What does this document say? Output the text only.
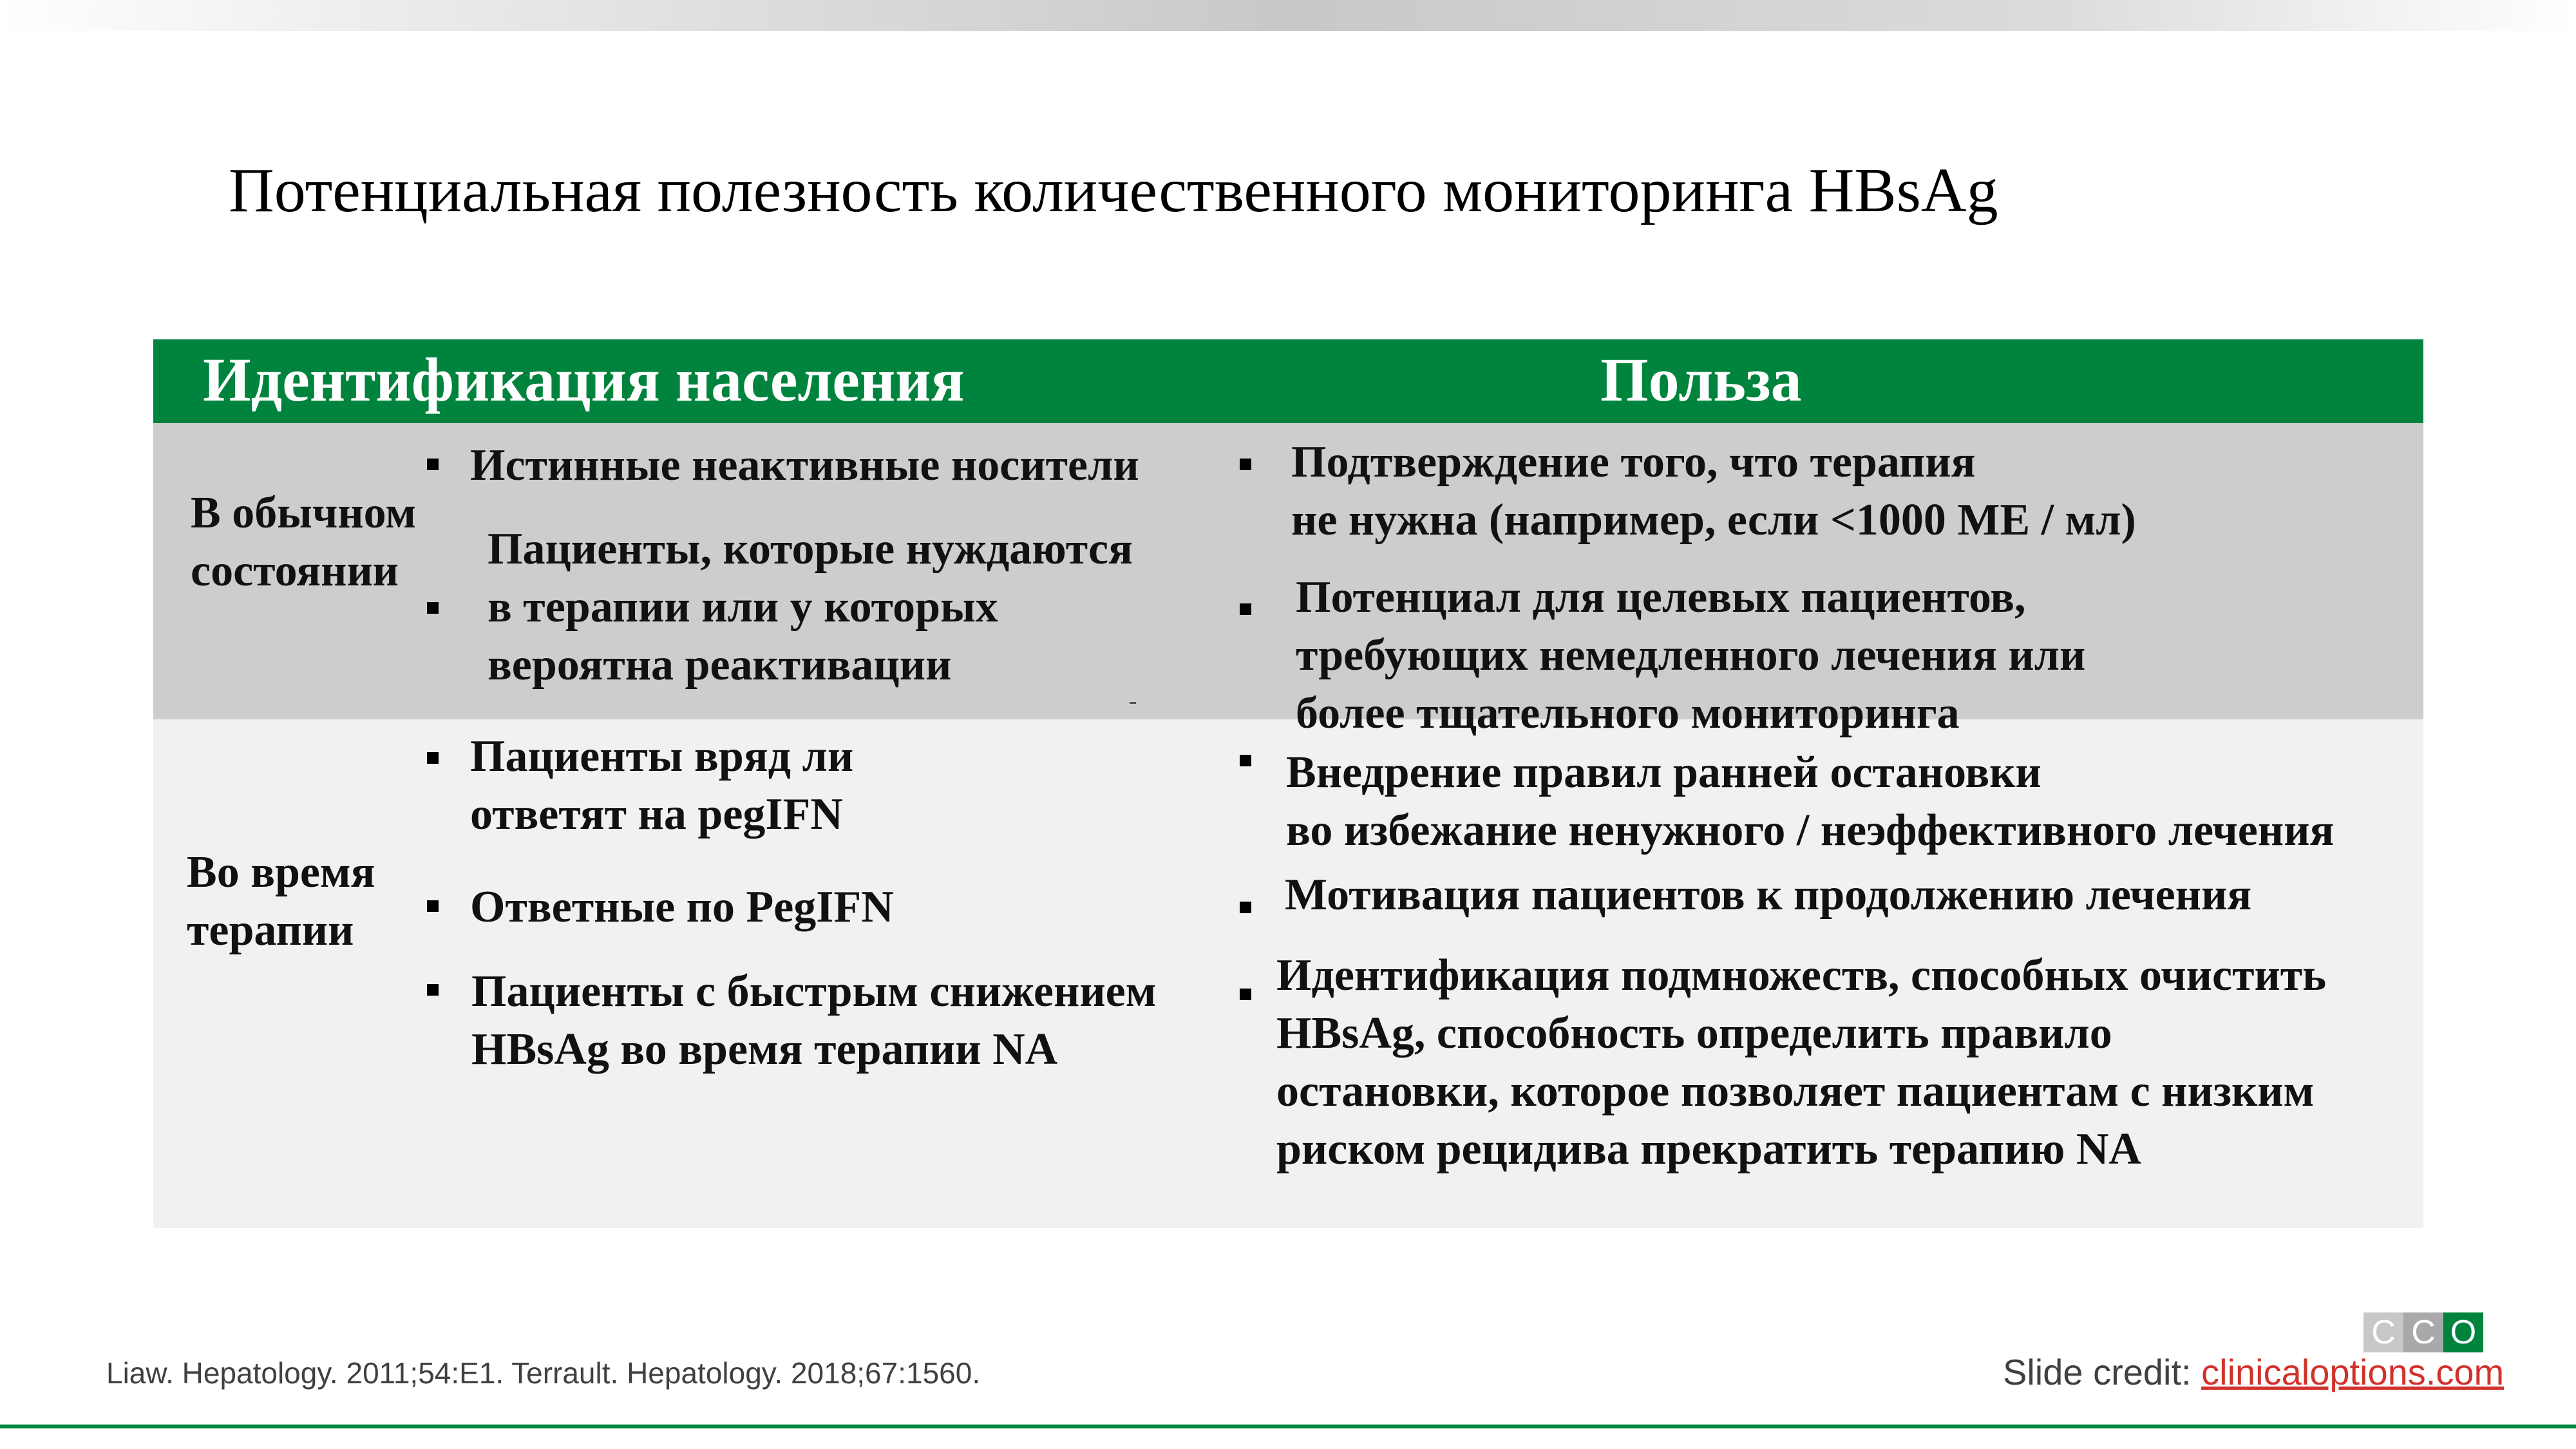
Потенциальная полезность количественного мониторинга HBsAg
Идентификация населения	Польза
В обычном
состоянии
Истинные неактивные носители
Пациенты, которые нуждаются
в терапии или у которых
вероятна реактивации
Подтверждение того, что терапия
не нужна (например, если <1000 МЕ / мл)
Потенциал для целевых пациентов,
требующих немедленного лечения или
более тщательного мониторинга
Во время
терапии
Пациенты вряд ли
ответят на pegIFN
Ответные по PegIFN
Пациенты с быстрым снижением
HBsAg во время терапии NA
Внедрение правил ранней остановки
во избежание ненужного / неэффективного лечения
Мотивация пациентов к продолжению лечения
Идентификация подмножеств, способных очистить
HBsAg, способность определить правило
остановки, которое позволяет пациентам с низким
риском рецидива прекратить терапию NA
Liaw. Hepatology. 2011;54:E1. Terrault. Hepatology. 2018;67:1560.
C C O
Slide credit: clinicaloptions.com
